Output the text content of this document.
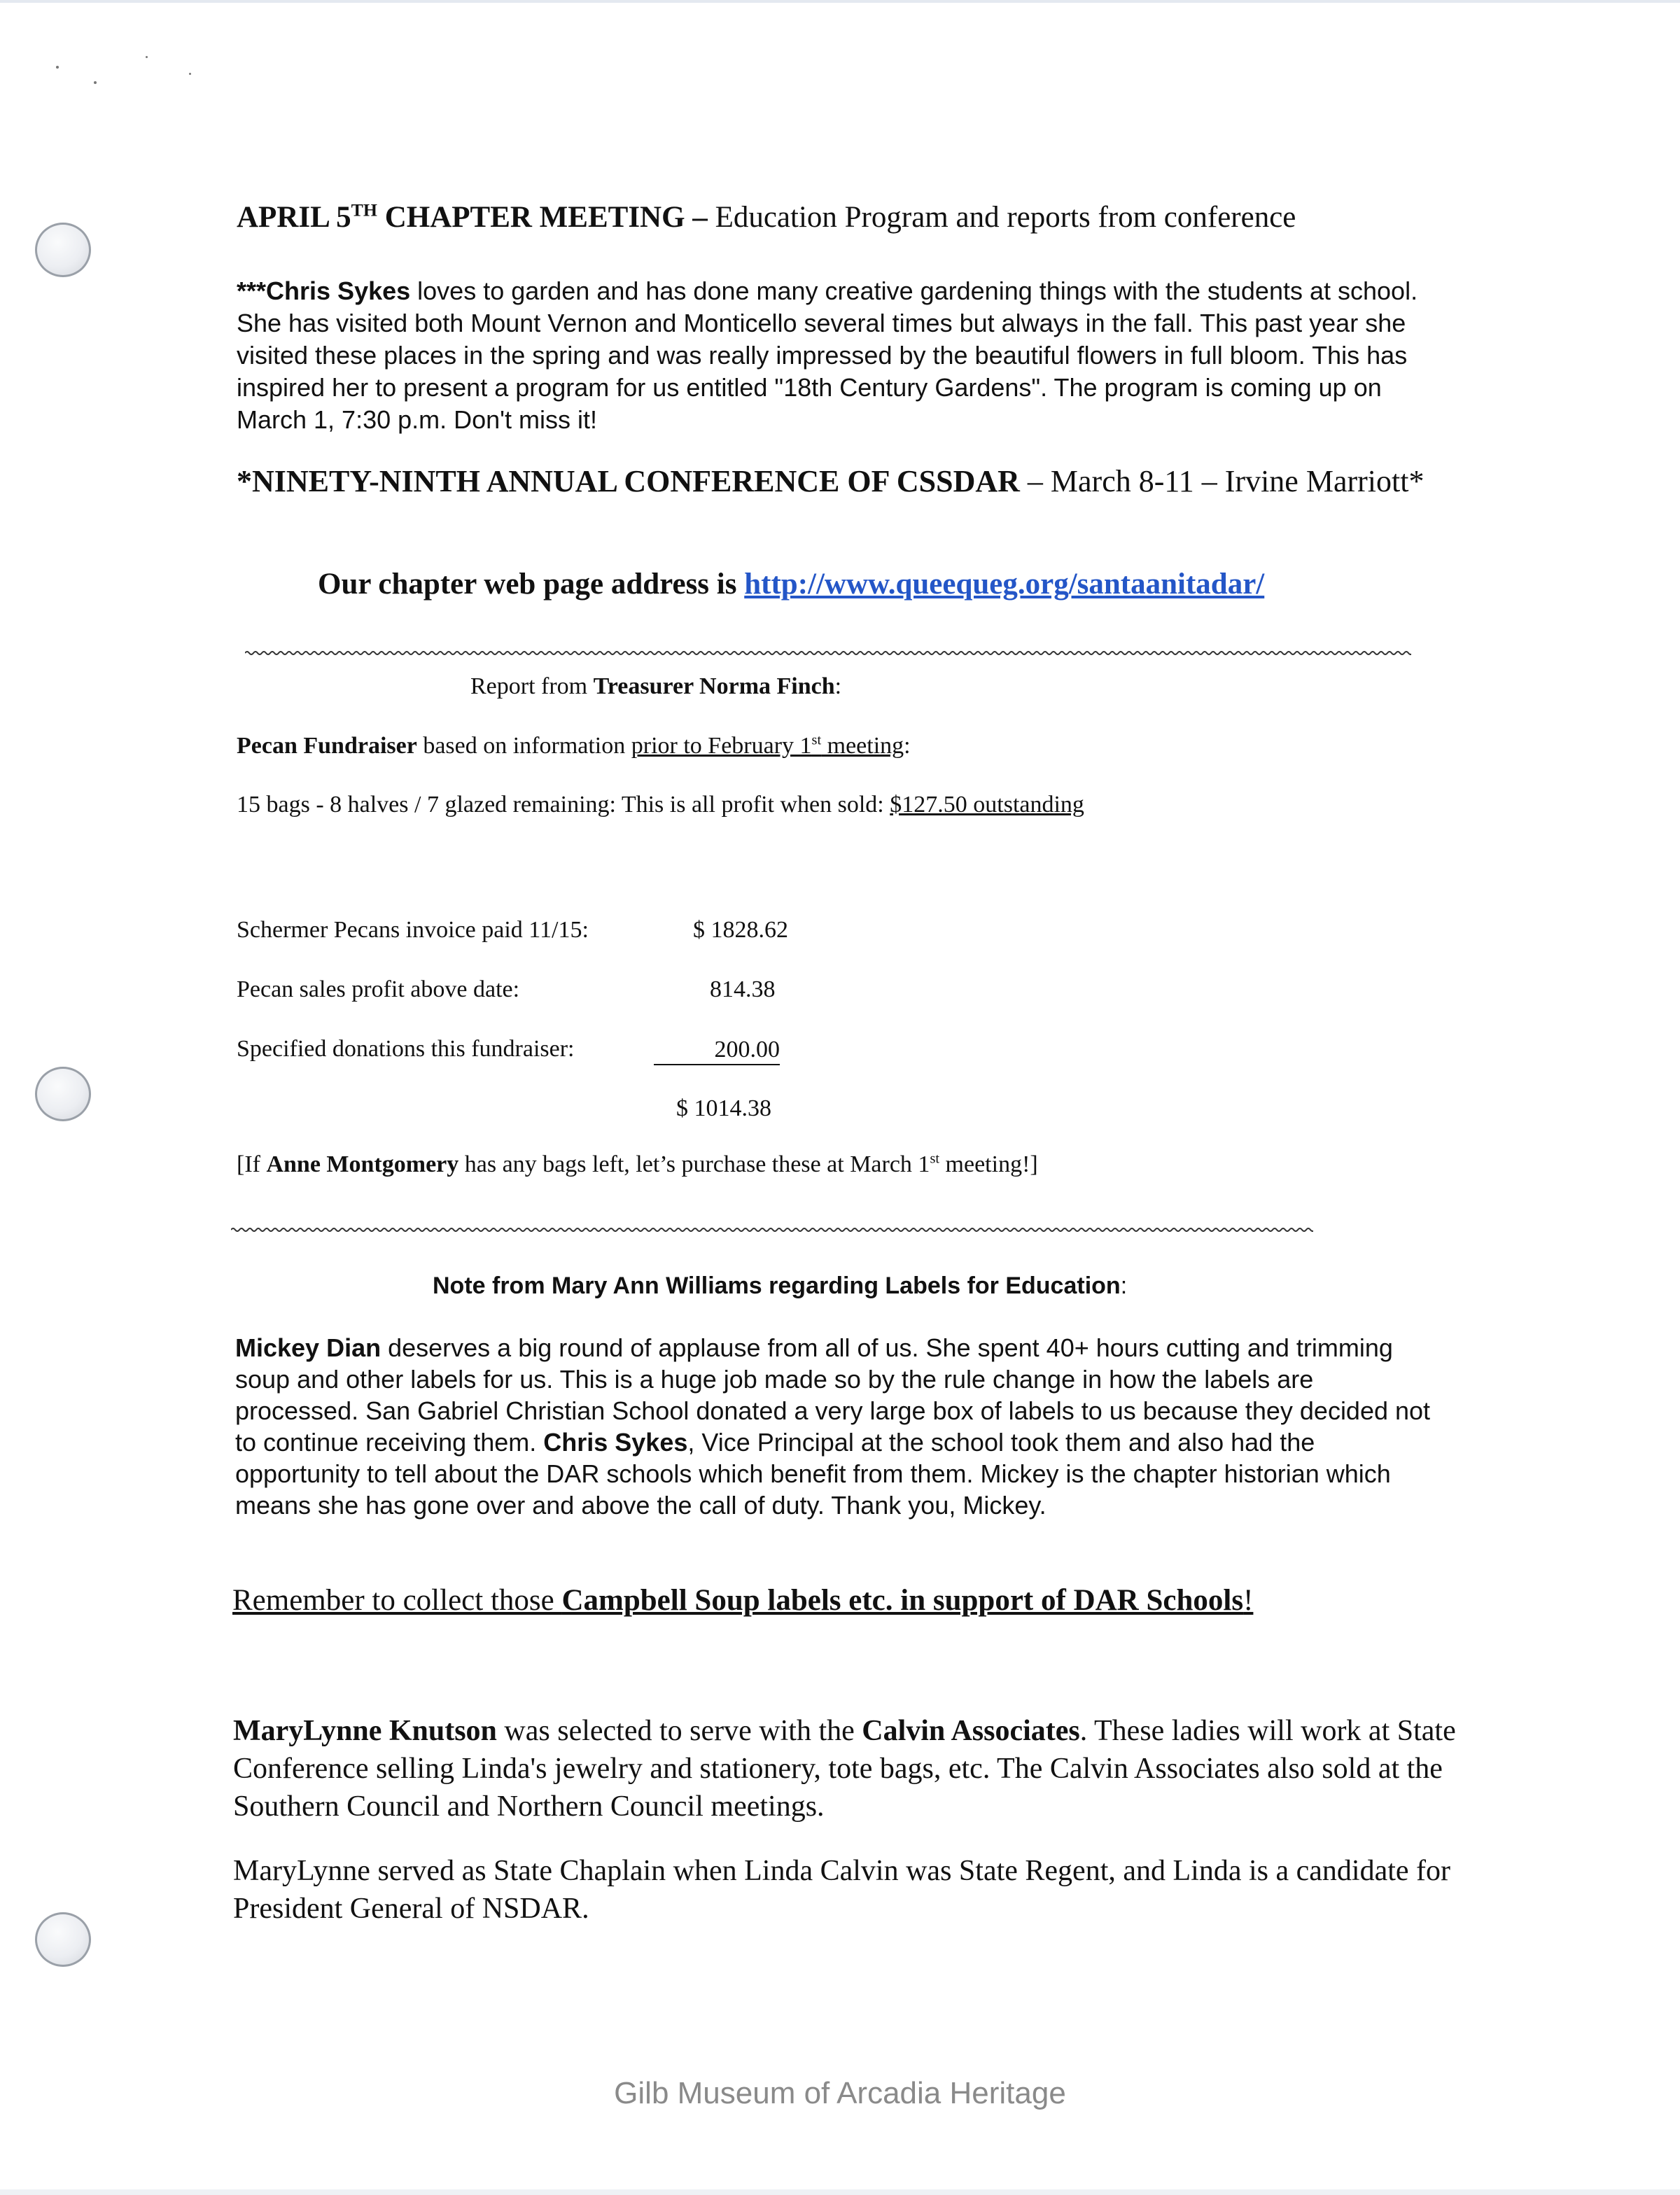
APRIL 5TH CHAPTER MEETING – Education Program and reports from conference
***Chris Sykes loves to garden and has done many creative gardening things with the students at school. She has visited both Mount Vernon and Monticello several times but always in the fall. This past year she visited these places in the spring and was really impressed by the beautiful flowers in full bloom. This has inspired her to present a program for us entitled "18th Century Gardens". The program is coming up on March 1, 7:30 p.m. Don't miss it!
*NINETY-NINTH ANNUAL CONFERENCE OF CSSDAR – March 8-11 – Irvine Marriott*
Our chapter web page address is http://www.queequeg.org/santaanitadar/
Report from Treasurer Norma Finch:
Pecan Fundraiser based on information prior to February 1st meeting:
15 bags - 8 halves / 7 glazed remaining: This is all profit when sold: $127.50 outstanding
Schermer Pecans invoice paid 11/15:	$ 1828.62
Pecan sales profit above date:	814.38
Specified donations this fundraiser:	200.00
$ 1014.38
[If Anne Montgomery has any bags left, let’s purchase these at March 1st meeting!]
Note from Mary Ann Williams regarding Labels for Education:
Mickey Dian deserves a big round of applause from all of us. She spent 40+ hours cutting and trimming soup and other labels for us. This is a huge job made so by the rule change in how the labels are processed. San Gabriel Christian School donated a very large box of labels to us because they decided not to continue receiving them. Chris Sykes, Vice Principal at the school took them and also had the opportunity to tell about the DAR schools which benefit from them. Mickey is the chapter historian which means she has gone over and above the call of duty. Thank you, Mickey.
Remember to collect those Campbell Soup labels etc. in support of DAR Schools!
MaryLynne Knutson was selected to serve with the Calvin Associates. These ladies will work at State Conference selling Linda's jewelry and stationery, tote bags, etc. The Calvin Associates also sold at the Southern Council and Northern Council meetings.
MaryLynne served as State Chaplain when Linda Calvin was State Regent, and Linda is a candidate for President General of NSDAR.
Gilb Museum of Arcadia Heritage
